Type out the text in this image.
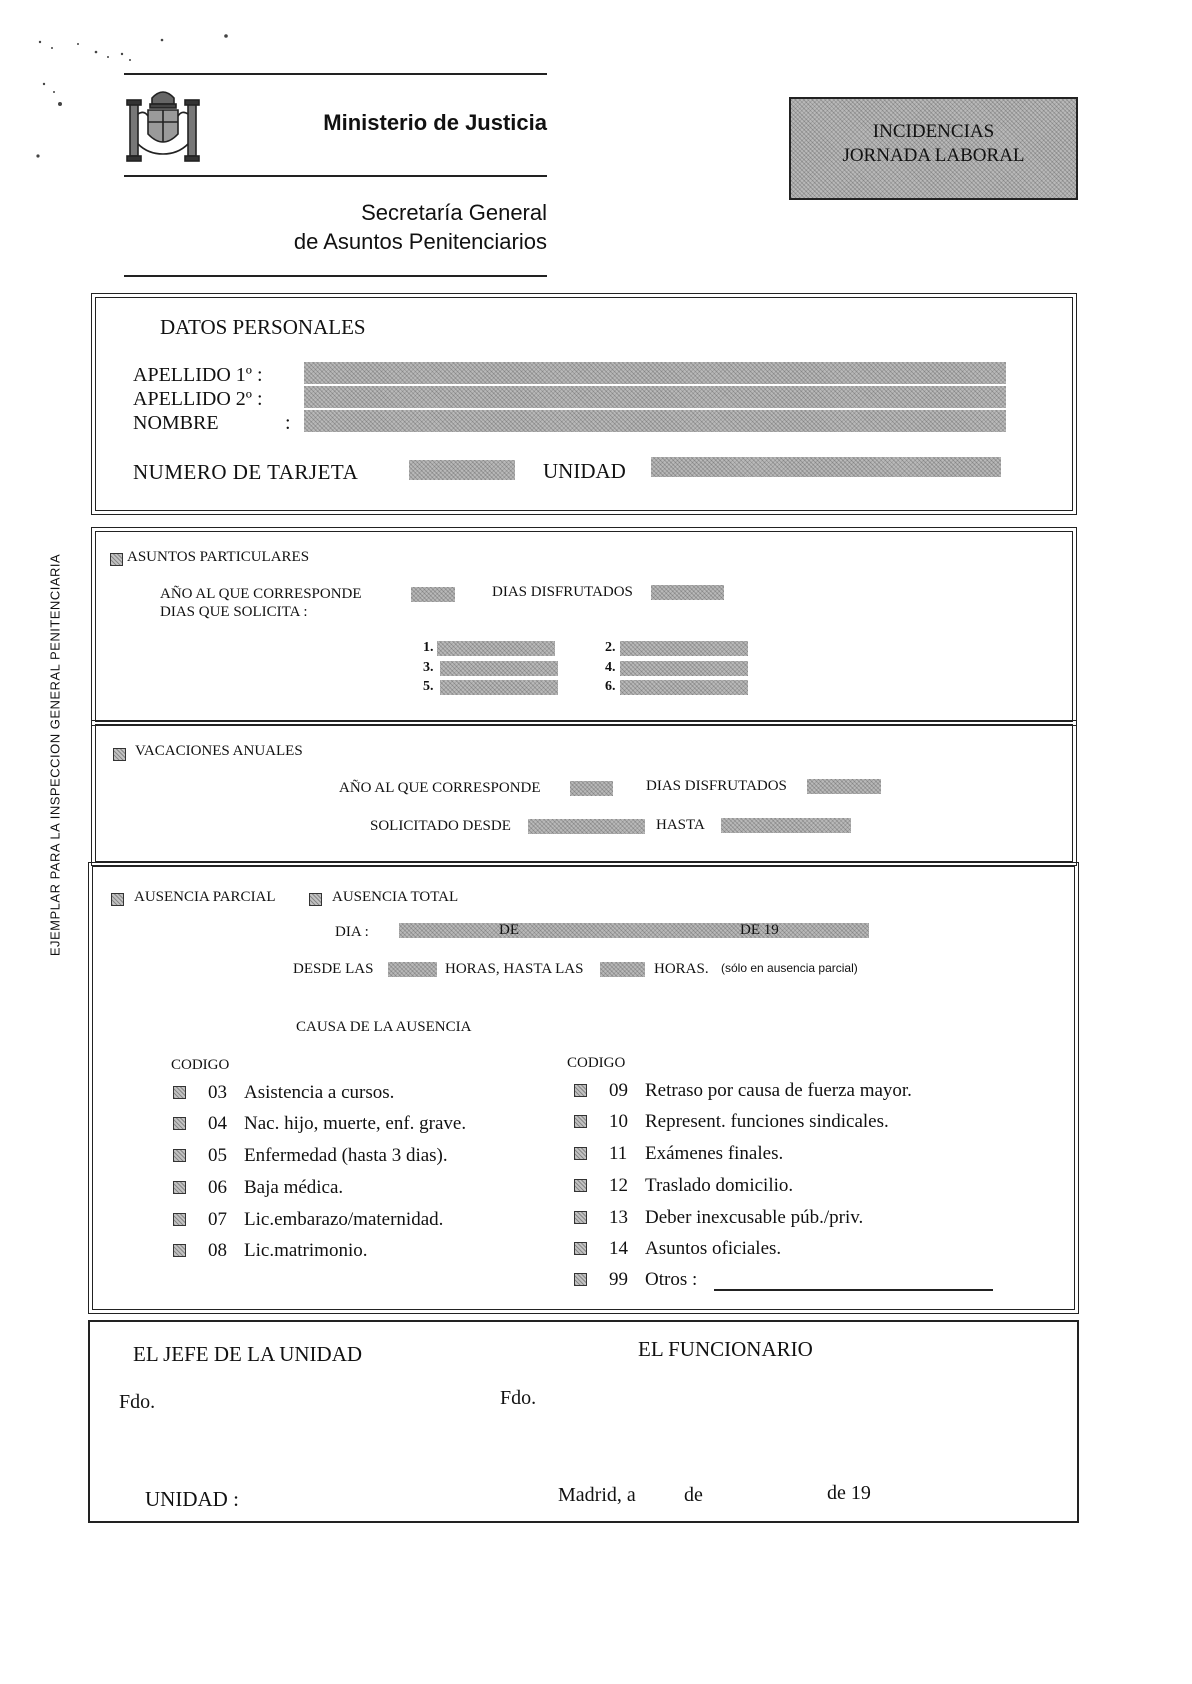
Ministerio de Justicia
Secretaría General
de Asuntos Penitenciarios
INCIDENCIAS
JORNADA LABORAL
EJEMPLAR PARA LA INSPECCION GENERAL PENITENCIARIA
DATOS PERSONALES
APELLIDO 1º :
APELLIDO 2º :
NOMBRE	:
NUMERO DE TARJETA	UNIDAD
ASUNTOS PARTICULARES
AÑO AL QUE CORRESPONDE	DIAS DISFRUTADOS
DIAS QUE SOLICITA :
1.	2.
3.	4.
5.	6.
VACACIONES ANUALES
AÑO AL QUE CORRESPONDE	DIAS DISFRUTADOS
SOLICITADO DESDE	HASTA
AUSENCIA PARCIAL	AUSENCIA TOTAL
DIA :	DE	DE 19
DESDE LAS	HORAS, HASTA LAS	HORAS. (sólo en ausencia parcial)
CAUSA DE LA AUSENCIA
CODIGO	CODIGO
03 Asistencia a cursos.
04 Nac. hijo, muerte, enf. grave.
05 Enfermedad (hasta 3 dias).
06 Baja médica.
07 Lic.embarazo/maternidad.
08 Lic.matrimonio.
09 Retraso por causa de fuerza mayor.
10 Represent. funciones sindicales.
11 Exámenes finales.
12 Traslado domicilio.
13 Deber inexcusable púb./priv.
14 Asuntos oficiales.
99 Otros :
EL JEFE DE LA UNIDAD	EL FUNCIONARIO
Fdo.	Fdo.
UNIDAD :	Madrid, a de	de 19
